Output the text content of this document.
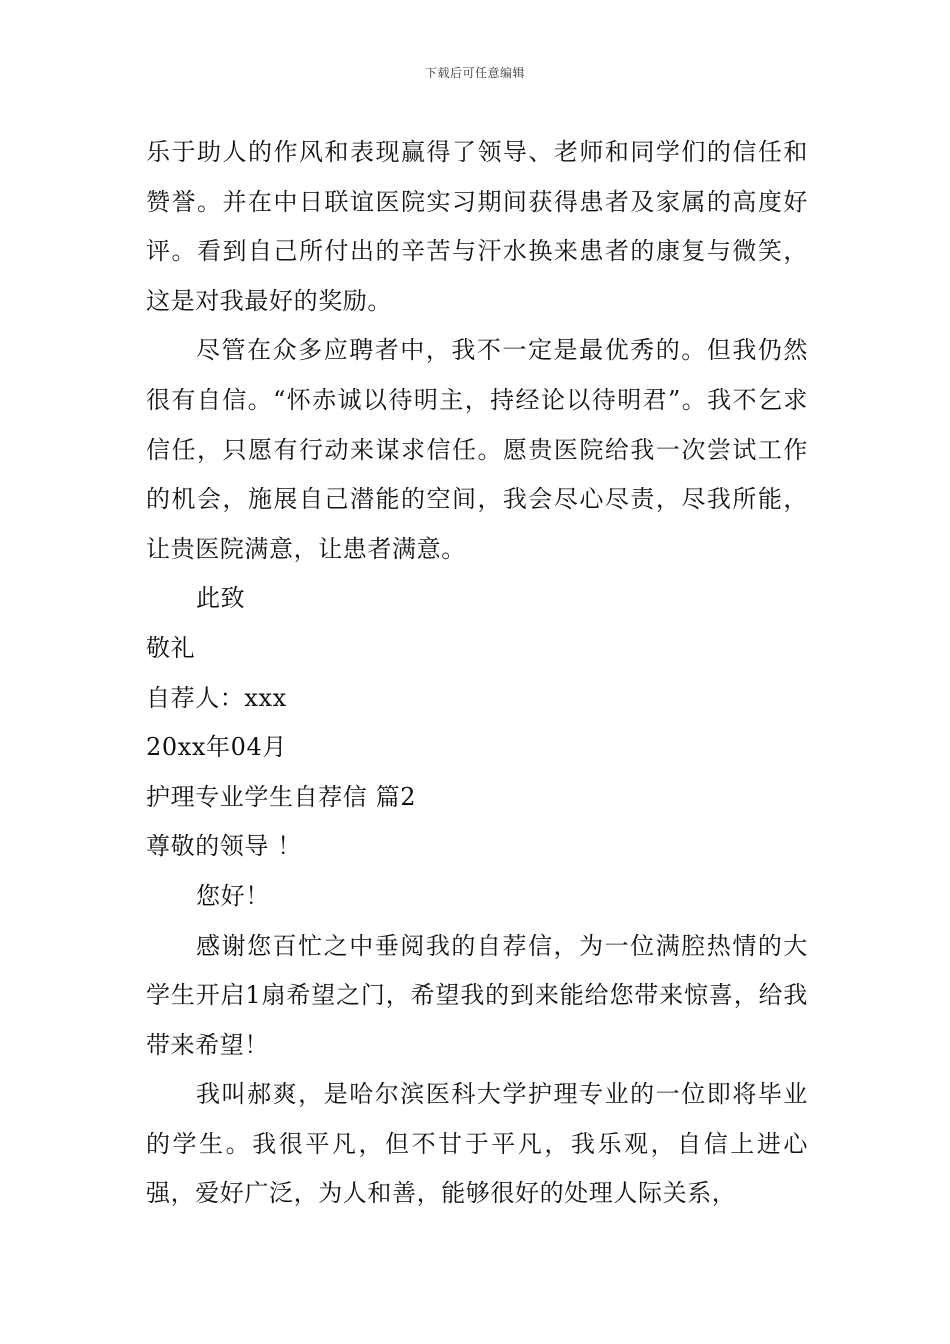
下载后可任意编辑

乐于助人的作风和表现赢得了领导、老师和同学们的信任和赞誉。并在中日联谊医院实习期间获得患者及家属的高度好评。看到自己所付出的辛苦与汗水换来患者的康复与微笑，这是对我最好的奖励。

尽管在众多应聘者中，我不一定是最优秀的。但我仍然很有自信。“怀赤诚以待明主，持经论以待明君”。我不乞求信任，只愿有行动来谋求信任。愿贵医院给我一次尝试工作的机会，施展自己潜能的空间，我会尽心尽责，尽我所能，让贵医院满意，让患者满意。

此致

敬礼

自荐人：xxx

20xx年04月

护理专业学生自荐信 篇2

尊敬的领导 ！

您好！

感谢您百忙之中垂阅我的自荐信，为一位满腔热情的大学生开启1扇希望之门，希望我的到来能给您带来惊喜，给我带来希望！

我叫郝爽，是哈尔滨医科大学护理专业的一位即将毕业的学生。我很平凡，但不甘于平凡，我乐观，自信上进心强，爱好广泛，为人和善，能够很好的处理人际关系，
